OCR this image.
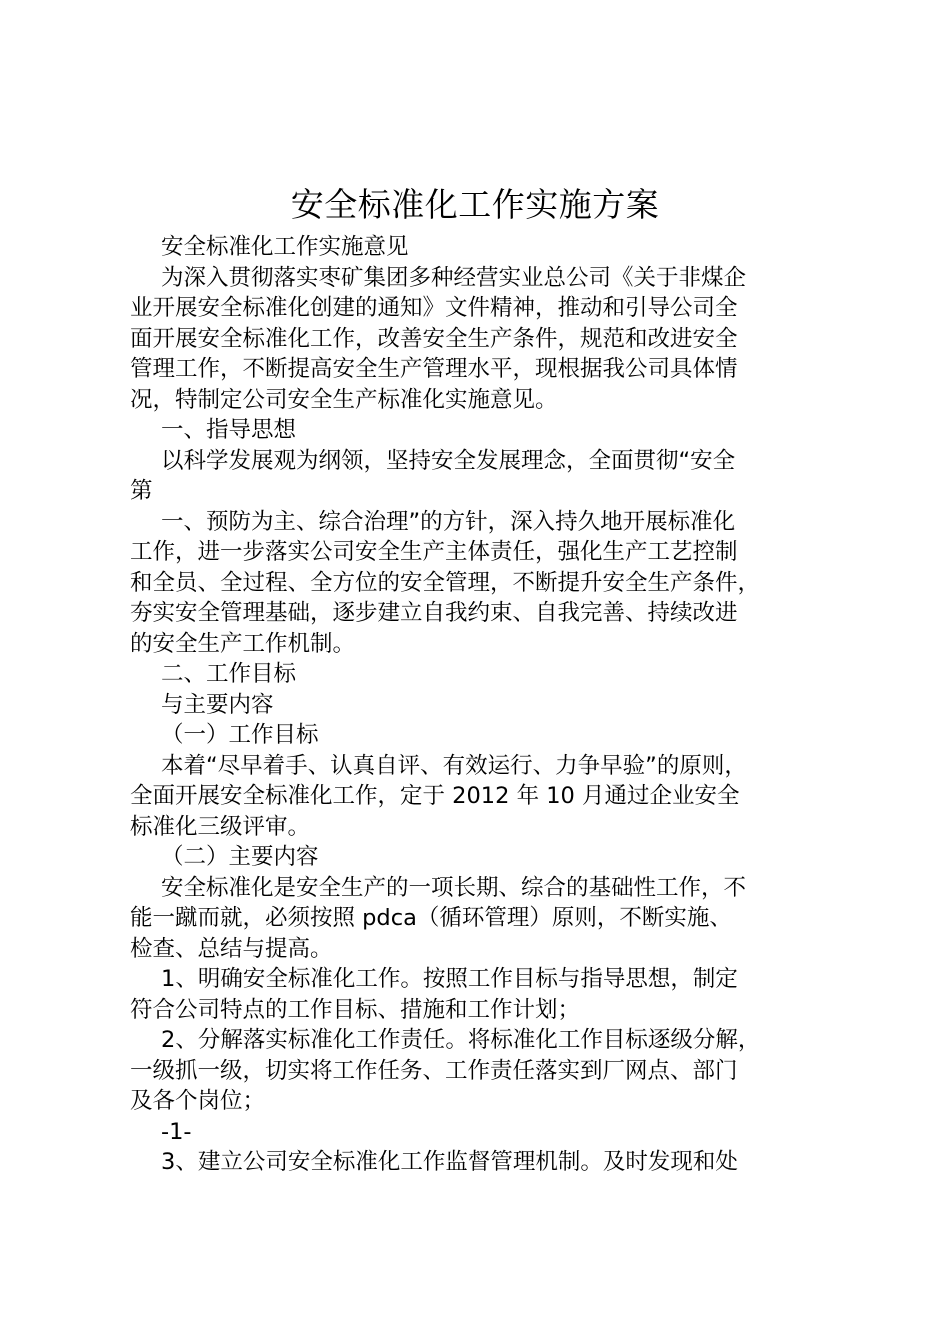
安全标准化工作实施方案
安全标准化工作实施意见
为深入贯彻落实枣矿集团多种经营实业总公司《关于非煤企
业开展安全标准化创建的通知》文件精神，推动和引导公司全
面开展安全标准化工作，改善安全生产条件，规范和改进安全
管理工作，不断提高安全生产管理水平，现根据我公司具体情
况，特制定公司安全生产标准化实施意见。
一、指导思想
以科学发展观为纲领，坚持安全发展理念，全面贯彻“安全
第
一、预防为主、综合治理”的方针，深入持久地开展标准化
工作，进一步落实公司安全生产主体责任，强化生产工艺控制
和全员、全过程、全方位的安全管理，不断提升安全生产条件，
夯实安全管理基础，逐步建立自我约束、自我完善、持续改进
的安全生产工作机制。
二、工作目标
与主要内容
（一）工作目标
本着“尽早着手、认真自评、有效运行、力争早验”的原则，
全面开展安全标准化工作，定于 2012 年 10 月通过企业安全
标准化三级评审。
（二）主要内容
安全标准化是安全生产的一项长期、综合的基础性工作，不
能一蹴而就，必须按照 pdca（循环管理）原则，不断实施、
检查、总结与提高。
1、明确安全标准化工作。按照工作目标与指导思想，制定
符合公司特点的工作目标、措施和工作计划；
2、分解落实标准化工作责任。将标准化工作目标逐级分解，
一级抓一级，切实将工作任务、工作责任落实到厂网点、部门
及各个岗位；
-1-
3、建立公司安全标准化工作监督管理机制。及时发现和处
